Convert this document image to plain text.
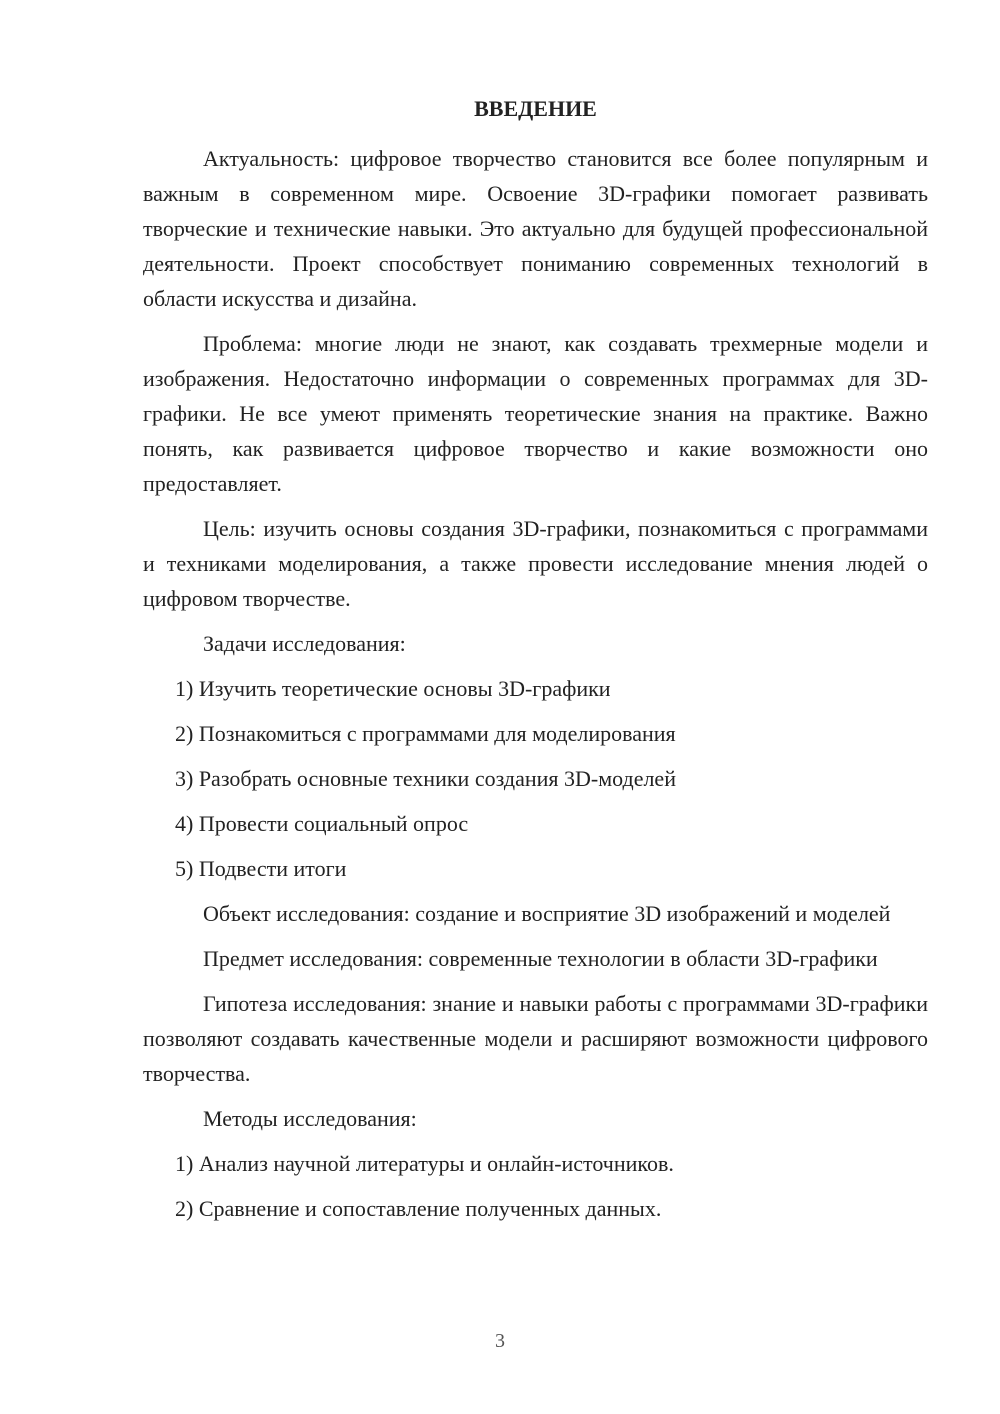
ВВЕДЕНИЕ

Актуальность: цифровое творчество становится все более популярным и важным в современном мире. Освоение 3D-графики помогает развивать творческие и технические навыки. Это актуально для будущей профессиональной деятельности. Проект способствует пониманию современных технологий в области искусства и дизайна.

Проблема: многие люди не знают, как создавать трехмерные модели и изображения. Недостаточно информации о современных программах для 3D-графики. Не все умеют применять теоретические знания на практике. Важно понять, как развивается цифровое творчество и какие возможности оно предоставляет.

Цель: изучить основы создания 3D-графики, познакомиться с программами и техниками моделирования, а также провести исследование мнения людей о цифровом творчестве.

Задачи исследования:

1) Изучить теоретические основы 3D-графики
2) Познакомиться с программами для моделирования
3) Разобрать основные техники создания 3D-моделей
4) Провести социальный опрос
5) Подвести итоги

Объект исследования: создание и восприятие 3D изображений и моделей

Предмет исследования: современные технологии в области 3D-графики

Гипотеза исследования: знание и навыки работы с программами 3D-графики позволяют создавать качественные модели и расширяют возможности цифрового творчества.

Методы исследования:

1) Анализ научной литературы и онлайн-источников.
2) Сравнение и сопоставление полученных данных.
3
